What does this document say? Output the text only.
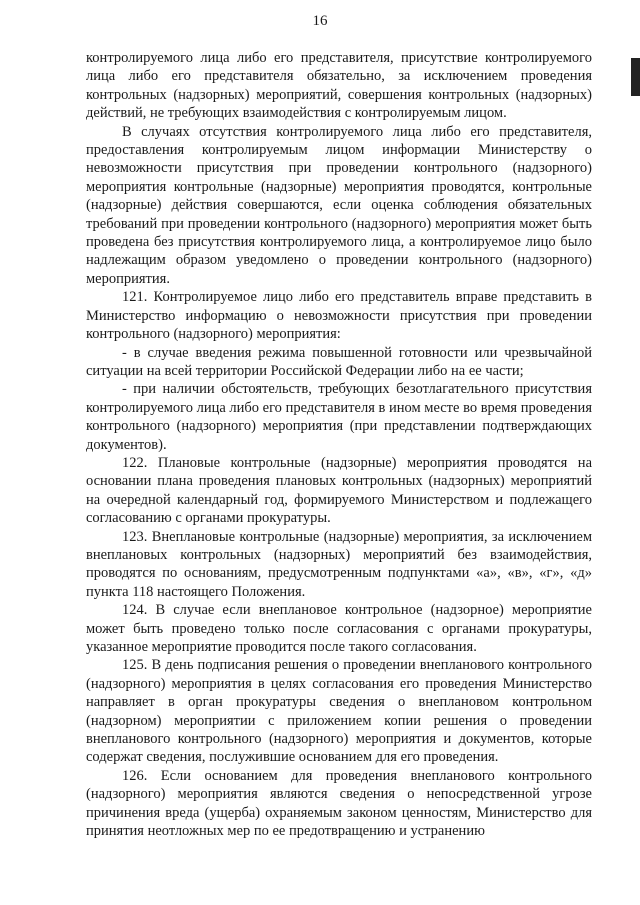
16

контролируемого лица либо его представителя, присутствие контролируемого лица либо его представителя обязательно, за исключением проведения контрольных (надзорных) мероприятий, совершения контрольных (надзорных) действий, не требующих взаимодействия с контролируемым лицом.

В случаях отсутствия контролируемого лица либо его представителя, предоставления контролируемым лицом информации Министерству о невозможности присутствия при проведении контрольного (надзорного) мероприятия контрольные (надзорные) мероприятия проводятся, контрольные (надзорные) действия совершаются, если оценка соблюдения обязательных требований при проведении контрольного (надзорного) мероприятия может быть проведена без присутствия контролируемого лица, а контролируемое лицо было надлежащим образом уведомлено о проведении контрольного (надзорного) мероприятия.

121. Контролируемое лицо либо его представитель вправе представить в Министерство информацию о невозможности присутствия при проведении контрольного (надзорного) мероприятия:

- в случае введения режима повышенной готовности или чрезвычайной ситуации на всей территории Российской Федерации либо на ее части;

- при наличии обстоятельств, требующих безотлагательного присутствия контролируемого лица либо его представителя в ином месте во время проведения контрольного (надзорного) мероприятия (при представлении подтверждающих документов).

122. Плановые контрольные (надзорные) мероприятия проводятся на основании плана проведения плановых контрольных (надзорных) мероприятий на очередной календарный год, формируемого Министерством и подлежащего согласованию с органами прокуратуры.

123. Внеплановые контрольные (надзорные) мероприятия, за исключением внеплановых контрольных (надзорных) мероприятий без взаимодействия, проводятся по основаниям, предусмотренным подпунктами «а», «в», «г», «д» пункта 118 настоящего Положения.

124. В случае если внеплановое контрольное (надзорное) мероприятие может быть проведено только после согласования с органами прокуратуры, указанное мероприятие проводится после такого согласования.

125. В день подписания решения о проведении внепланового контрольного (надзорного) мероприятия в целях согласования его проведения Министерство направляет в орган прокуратуры сведения о внеплановом контрольном (надзорном) мероприятии с приложением копии решения о проведении внепланового контрольного (надзорного) мероприятия и документов, которые содержат сведения, послужившие основанием для его проведения.

126. Если основанием для проведения внепланового контрольного (надзорного) мероприятия являются сведения о непосредственной угрозе причинения вреда (ущерба) охраняемым законом ценностям, Министерство для принятия неотложных мер по ее предотвращению и устранению
